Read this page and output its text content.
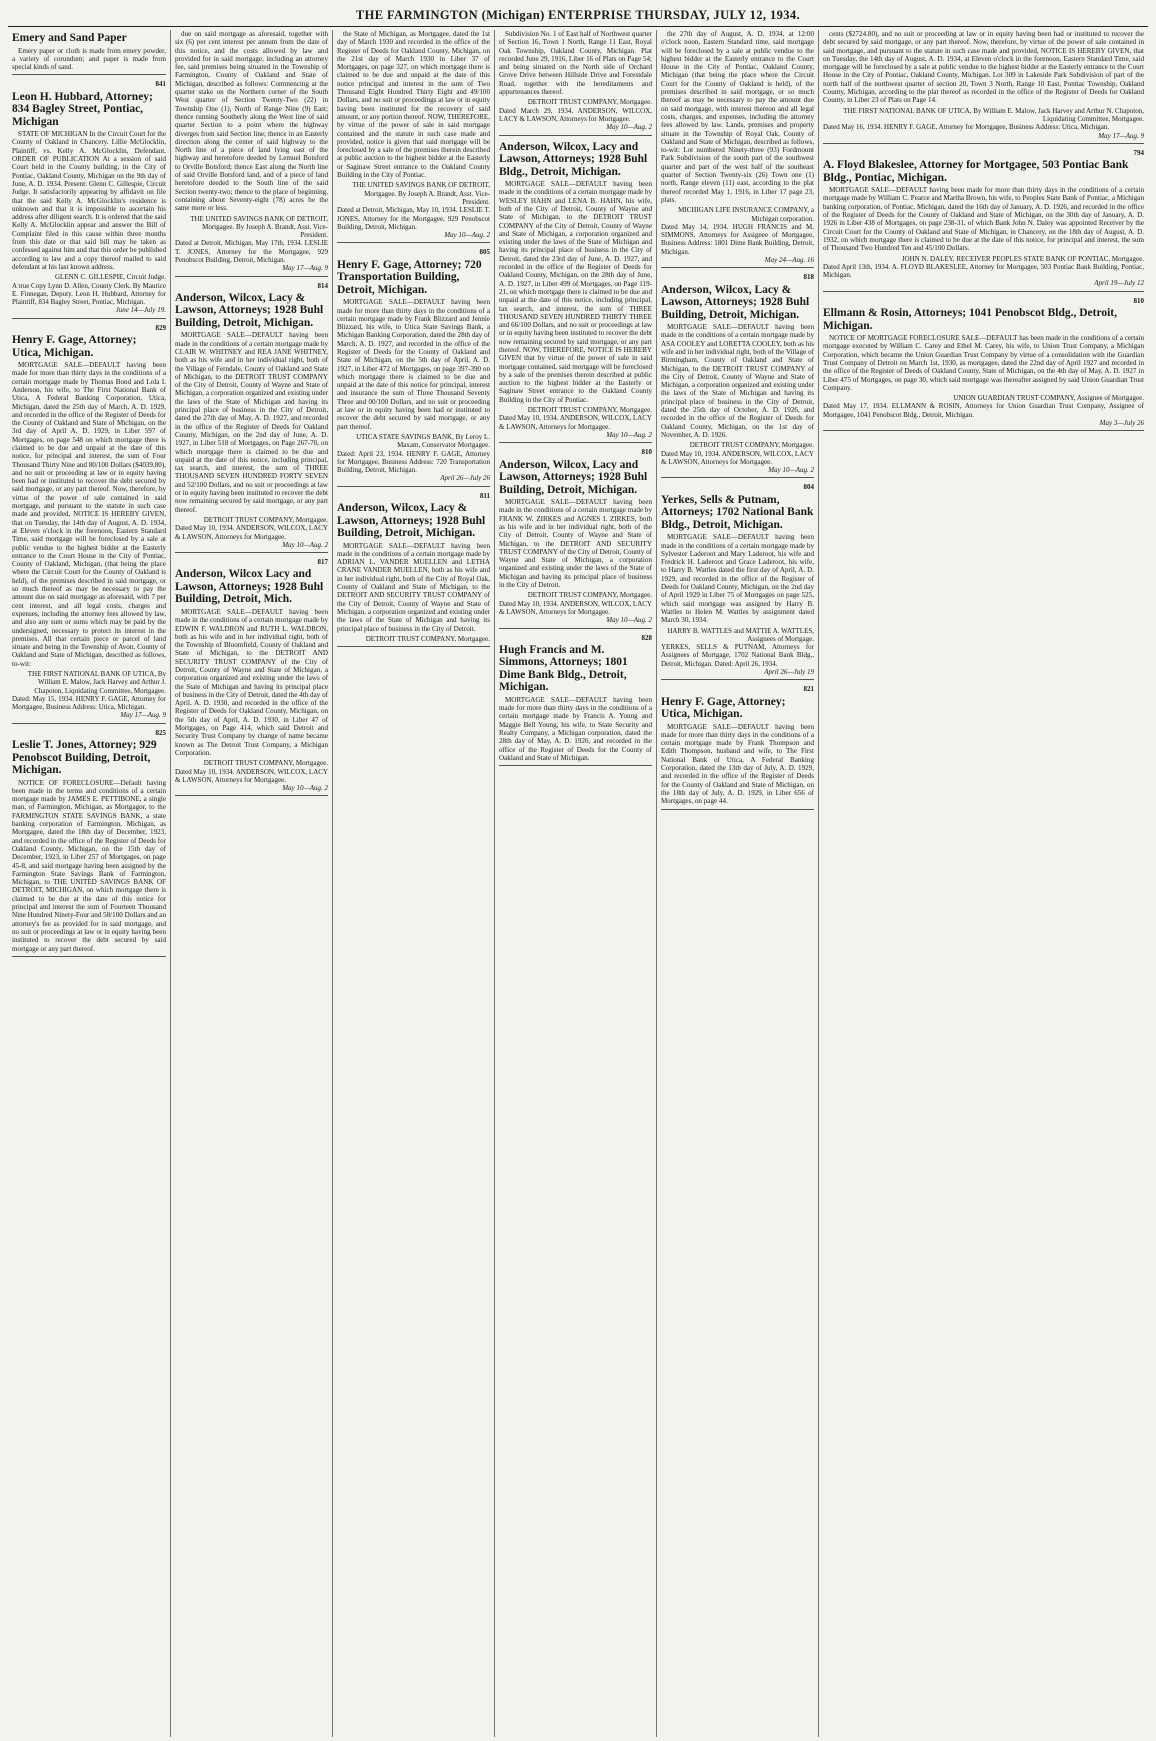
THE FARMINGTON (Michigan) ENTERPRISE THURSDAY, JULY 12, 1934.
Emery and Sand Paper
Emery paper or cloth is made from emery powder, a variety of corundum; and paper is made from special kinds of sand.
841
Leon H. Hubbard, Attorney; 834 Bagley Street, Pontiac, Michigan
STATE OF MICHIGAN In the Circuit Court for the County of Oakland in Chancery. Lillie McGlocklin, Plaintiff, vs. Kelly A. McGlocklin, Defendant. ORDER OF PUBLICATION At a session of said Court held in the County building, in the City of Pontiac, Oakland County, Michigan on the 9th day of June, A. D. 1934. Present: Glenn C. Gillespie, Circuit Judge. It satisfactorily appearing by affidavit on file that the said Kelly A. McGlocklin's residence is unknown and that it is impossible to ascertain his address after diligent search. It is ordered that the said Kelly A. McGlocklin appear and answer the Bill of Complaint filed in this cause within three months from this date or that said bill may be taken as confessed against him and that this order be published according to law and a copy thereof mailed to said defendant at his last known address.
GLENN C. GILLESPIE, Circuit Judge.
A true Copy Lynn D. Allen, County Clerk. By Maurice E. Finnegan, Deputy. Leon H. Hubbard, Attorney for Plaintiff, 834 Bagley Street, Pontiac, Michigan.
June 14—July 19.
829
Henry F. Gage, Attorney; Utica, Michigan.
MORTGAGE SALE—DEFAULT having been made for more than thirty days in the conditions of a certain mortgage made by Thomas Bond and Lola I. Anderson, his wife, to The First National Bank of Utica, A Federal Banking Corporation, Utica, Michigan, dated the 25th day of March, A. D. 1929, and recorded in the office of the Register of Deeds for the County of Oakland and State of Michigan, on the 3rd day of April A. D. 1929, in Liber 597 of Mortgages, on page 548 on which mortgage there is claimed to be due and unpaid at the date of this notice, for principal and interest, the sum of Four Thousand Thirty Nine and 80/100 Dollars ($4039.80), and no suit or proceeding at law or in equity having been had or instituted to recover the debt secured by said mortgage, or any part thereof. Now, therefore, by virtue of the power of sale contained in said mortgage, and pursuant to the statute in such case made and provided, NOTICE IS HEREBY GIVEN, that on Tuesday, the 14th day of August, A. D. 1934, at Eleven o'clock in the forenoon, Eastern Standard Time, said mortgage will be foreclosed by a sale at public vendue to the highest bidder at the Easterly entrance to the Court House in the City of Pontiac, County of Oakland, Michigan, (that being the place where the Circuit Court for the County of Oakland is held), of the premises described in said mortgage, or so much thereof as may be necessary to pay the amount due on said mortgage as aforesaid, with 7 per cent interest, and all legal costs, charges and expenses, including the attorney fees allowed by law, and also any sum or sums which may be paid by the undersigned, necessary to protect its interest in the premises. All that certain piece or parcel of land situate and being in the Township of Avon, County of Oakland and State of Michigan, described as follows, to-wit:
THE FIRST NATIONAL BANK OF UTICA, By William E. Malow, Jack Harvey and Arthur J. Chapoton, Liquidating Committee, Mortgagee.
Dated: May 15, 1934. HENRY F. GAGE, Attorney for Mortgagee, Business Address: Utica, Michigan.
May 17—Aug. 9
825
Leslie T. Jones, Attorney; 929 Penobscot Building, Detroit, Michigan.
NOTICE OF FORECLOSURE—Default having been made in the terms and conditions of a certain mortgage made by JAMES E. PETTIBONE, a single man, of Farmington, Michigan, as Mortgagor, to the FARMINGTON STATE SAVINGS BANK, a state banking corporation of Farmington, Michigan, as Mortgagee, dated the 18th day of December, 1923, and recorded in the office of the Register of Deeds for Oakland County, Michigan, on the 15th day of December, 1923, in Liber 257 of Mortgages, on page 45-8, and said mortgage having been assigned by the Farmington State Savings Bank of Farmington, Michigan, to THE UNITED SAVINGS BANK OF DETROIT, MICHIGAN, on which mortgage there is claimed to be due at the date of this notice for principal and interest the sum of Fourteen Thousand Nine Hundred Ninety-Four and 58/100 Dollars and an attorney's fee as provided for in said mortgage, and no suit or proceedings at law or in equity having been instituted to recover the debt secured by said mortgage or any part thereof.
due on said mortgage as aforesaid, together with six (6) per cent interest per annum from the date of this notice, and the costs allowed by law and provided for in said mortgage, including an attorney fee, said premises being situated in the Township of Farmington, County of Oakland and State of Michigan, described as follows: Commencing at the quarter stake on the Northern corner of the South West quarter of Section Twenty-Two (22) in Township One (1), North of Range Nine (9) East; thence running Southerly along the West line of said quarter Section to a point where the highway diverges from said Section line; thence in an Easterly direction along the center of said highway to the North line of a piece of land lying east of the highway and heretofore deeded by Lemuel Botsford to Orville Botsford; thence East along the North line of said Orville Botsford land, and of a piece of land heretofore deeded to the South line of the said Section twenty-two; thence to the place of beginning, containing about Seventy-eight (78) acres be the same more or less.
THE UNITED SAVINGS BANK OF DETROIT, Mortgagee. By Joseph A. Brandt, Asst. Vice-President.
Dated at Detroit, Michigan, May 17th, 1934. LESLIE T. JONES, Attorney for the Mortgagee, 929 Penobscot Building, Detroit, Michigan.
May 17—Aug. 9
814
Anderson, Wilcox, Lacy & Lawson, Attorneys; 1928 Buhl Building, Detroit, Michigan.
MORTGAGE SALE—DEFAULT having been made in the conditions of a certain mortgage made by CLAIR W. WHITNEY and REA JANE WHITNEY, both as his wife and in her individual right, both of the Village of Ferndale, County of Oakland and State of Michigan, to the DETROIT TRUST COMPANY of the City of Detroit, County of Wayne and State of Michigan, a corporation organized and existing under the laws of the State of Michigan and having its principal place of business in the City of Detroit, dated the 27th day of May, A. D. 1927, and recorded in the office of the Register of Deeds for Oakland County, Michigan, on the 2nd day of June, A. D. 1927, in Liber 518 of Mortgages, on Page 267-70, on which mortgage there is claimed to be due and unpaid at the date of this notice, including principal, tax search, and interest, the sum of THREE THOUSAND SEVEN HUNDRED FORTY SEVEN and 52/100 Dollars, and no suit or proceedings at law or in equity having been instituted to recover the debt now remaining secured by said mortgage, or any part thereof.
DETROIT TRUST COMPANY, Mortgagee.
Dated May 10, 1934. ANDERSON, WILCOX, LACY & LAWSON, Attorneys for Mortgagee.
May 10—Aug. 2
817
Anderson, Wilcox Lacy and Lawson, Attorneys; 1928 Buhl Building, Detroit, Mich.
MORTGAGE SALE—DEFAULT having been made in the conditions of a certain mortgage made by EDWIN F. WALDRON and RUTH L. WALDRON, both as his wife and in her individual right, both of the Township of Bloomfield, County of Oakland and State of Michigan, to the DETROIT AND SECURITY TRUST COMPANY of the City of Detroit, County of Wayne and State of Michigan, a corporation organized and existing under the laws of the State of Michigan and having its principal place of business in the City of Detroit, dated the 4th day of April, A. D. 1930, and recorded in the office of the Register of Deeds for Oakland County, Michigan, on the 5th day of April, A. D. 1930, in Liber 47 of Mortgages, on Page 414, which said Detroit and Security Trust Company by change of name became known as The Detroit Trust Company, a Michigan Corporation.
DETROIT TRUST COMPANY, Mortgagee.
Dated May 10, 1934. ANDERSON, WILCOX, LACY & LAWSON, Attorneys for Mortgagee.
May 10—Aug. 2
the State of Michigan, as Mortgagee, dated the 1st day of March 1930 and recorded in the office of the Register of Deeds for Oakland County, Michigan, on the 21st day of March 1930 in Liber 37 of Mortgages, on page 327, on which mortgage there is claimed to be due and unpaid at the date of this notice principal and interest in the sum of Two Thousand Eight Hundred Thirty Eight and 49/100 Dollars, and no suit or proceedings at law or in equity having been instituted for the recovery of said amount, or any portion thereof. NOW, THEREFORE, by virtue of the power of sale in said mortgage contained and the statute in such case made and provided, notice is given that said mortgage will be foreclosed by a sale of the premises therein described at public auction to the highest bidder at the Easterly or Saginaw Street entrance to the Oakland County Building in the City of Pontiac.
THE UNITED SAVINGS BANK OF DETROIT, Mortgagee. By Joseph A. Brandt, Asst. Vice-President.
Dated at Detroit, Michigan, May 10, 1934. LESLIE T. JONES, Attorney for the Mortgagee, 929 Penobscot Building, Detroit, Michigan.
May 10—Aug. 2
805
Henry F. Gage, Attorney; 720 Transportation Building, Detroit, Michigan.
MORTGAGE SALE—DEFAULT having been made for more than thirty days in the conditions of a certain mortgage made by Frank Blizzard and Jennie Blizzard, his wife, to Utica State Savings Bank, a Michigan Banking Corporation, dated the 28th day of March, A. D. 1927, and recorded in the office of the Register of Deeds for the County of Oakland and State of Michigan, on the 5th day of April, A. D. 1927, in Liber 472 of Mortgages, on page 397-390 on which mortgage there is claimed to be due and unpaid at the date of this notice for principal, interest and insurance the sum of Three Thousand Seventy Three and 00/100 Dollars, and no suit or proceeding at law or in equity having been had or instituted to recover the debt secured by said mortgage, or any part thereof.
UTICA STATE SAVINGS BANK, By Leroy L. Maxam, Conservator Mortgagee.
Dated: April 23, 1934. HENRY F. GAGE, Attorney for Mortgagee, Business Address: 720 Transportation Building, Detroit, Michigan.
April 26—July 26
811
Anderson, Wilcox, Lacy & Lawson, Attorneys; 1928 Buhl Building, Detroit, Michigan.
MORTGAGE SALE—DEFAULT having been made in the conditions of a certain mortgage made by ADRIAN L. VANDER MUELLEN and LETHA CRANE VANDER MUELLEN, both as his wife and in her individual right, both of the City of Royal Oak, County of Oakland and State of Michigan, to the DETROIT AND SECURITY TRUST COMPANY of the City of Detroit, County of Wayne and State of Michigan, a corporation organized and existing under the laws of the State of Michigan and having its principal place of business in the City of Detroit.
DETROIT TRUST COMPANY, Mortgagee.
Subdivision No. 1 of East half of Northwest quarter of Section 16, Town 1 North, Range 11 East, Royal Oak Township, Oakland County, Michigan. Plat recorded June 29, 1916, Liber 16 of Plats on Page 54; and being situated on the North side of Orchard Grove Drive between Hillside Drive and Forestdale Road, together with the hereditaments and appurtenances thereof.
DETROIT TRUST COMPANY, Mortgagee.
Dated March 29, 1934. ANDERSON, WILCOX, LACY & LAWSON, Attorneys for Mortgagee.
May 10—Aug. 2
Anderson, Wilcox, Lacy and Lawson, Attorneys; 1928 Buhl Bldg., Detroit, Michigan.
MORTGAGE SALE—DEFAULT having been made in the conditions of a certain mortgage made by WESLEY HAHN and LENA B. HAHN, his wife, both of the City of Detroit, County of Wayne and State of Michigan, to the DETROIT TRUST COMPANY of the City of Detroit, County of Wayne and State of Michigan, a corporation organized and existing under the laws of the State of Michigan and having its principal place of business in the City of Detroit, dated the 23rd day of June, A. D. 1927, and recorded in the office of the Register of Deeds for Oakland County, Michigan, on the 28th day of June, A. D. 1927, in Liber 499 of Mortgages, on Page 119-21, on which mortgage there is claimed to be due and unpaid at the date of this notice, including principal, tax search, and interest, the sum of THREE THOUSAND SEVEN HUNDRED THIRTY THREE and 66/100 Dollars, and no suit or proceedings at law or in equity having been instituted to recover the debt now remaining secured by said mortgage, or any part thereof. NOW, THEREFORE, NOTICE IS HEREBY GIVEN that by virtue of the power of sale in said mortgage contained, said mortgage will be foreclosed by a sale of the premises therein described at public auction to the highest bidder at the Easterly or Saginaw Street entrance to the Oakland County Building in the City of Pontiac.
DETROIT TRUST COMPANY, Mortgagee.
Dated May 10, 1934. ANDERSON, WILCOX, LACY & LAWSON, Attorneys for Mortgagee.
May 10—Aug. 2
810
Anderson, Wilcox, Lacy and Lawson, Attorneys; 1928 Buhl Building, Detroit, Michigan.
MORTGAGE SALE—DEFAULT having been made in the conditions of a certain mortgage made by FRANK W. ZIRKES and AGNES I. ZIRKES, both as his wife and in her individual right, both of the City of Detroit, County of Wayne and State of Michigan, to the DETROIT AND SECURITY TRUST COMPANY of the City of Detroit, County of Wayne and State of Michigan, a corporation organized and existing under the laws of the State of Michigan and having its principal place of business in the City of Detroit.
DETROIT TRUST COMPANY, Mortgagee.
Dated May 10, 1934. ANDERSON, WILCOX, LACY & LAWSON, Attorneys for Mortgagee.
May 10—Aug. 2
828
Hugh Francis and M. Simmons, Attorneys; 1801 Dime Bank Bldg., Detroit, Michigan.
MORTGAGE SALE—DEFAULT having been made for more than thirty days in the conditions of a certain mortgage made by Francis A. Young and Maggie Bell Young, his wife, to State Security and Realty Company, a Michigan corporation, dated the 28th day of May, A. D. 1926, and recorded in the office of the Register of Deeds for the County of Oakland and State of Michigan.
the 27th day of August, A. D. 1934, at 12:00 o'clock noon, Eastern Standard time, said mortgage will be foreclosed by a sale at public vendue to the highest bidder at the Easterly entrance to the Court House in the City of Pontiac, Oakland County, Michigan (that being the place where the Circuit Court for the County of Oakland is held), of the premises described in said mortgage, or so much thereof as may be necessary to pay the amount due on said mortgage, with interest thereon and all legal costs, charges, and expenses, including the attorney fees allowed by law. Lands, premises and property situate in the Township of Royal Oak, County of Oakland and State of Michigan, described as follows, to-wit: Lot numbered Ninety-three (93) Fordmount Park Subdivision of the south part of the southwest quarter and part of the west half of the southeast quarter of Section Twenty-six (26) Town one (1) north, Range eleven (11) east, according to the plat thereof recorded May 1, 1916, in Liber 17 page 23, plats.
MICHIGAN LIFE INSURANCE COMPANY, a Michigan corporation.
Dated May 14, 1934. HUGH FRANCIS and M. SIMMONS, Attorneys for Assignee of Mortgagee, Business Address: 1801 Dime Bank Building, Detroit, Michigan.
May 24—Aug. 16
818
Anderson, Wilcox, Lacy & Lawson, Attorneys; 1928 Buhl Building, Detroit, Michigan.
MORTGAGE SALE—DEFAULT having been made in the conditions of a certain mortgage made by ASA COOLEY and LORETTA COOLEY, both as his wife and in her individual right, both of the Village of Birmingham, County of Oakland and State of Michigan, to the DETROIT TRUST COMPANY of the City of Detroit, County of Wayne and State of Michigan, a corporation organized and existing under the laws of the State of Michigan and having its principal place of business in the City of Detroit, dated the 25th day of October, A. D. 1926, and recorded in the office of the Register of Deeds for Oakland County, Michigan, on the 1st day of November, A. D. 1926.
DETROIT TRUST COMPANY, Mortgagee.
Dated May 10, 1934. ANDERSON, WILCOX, LACY & LAWSON, Attorneys for Mortgagee.
May 10—Aug. 2
804
Yerkes, Sells & Putnam, Attorneys; 1702 National Bank Bldg., Detroit, Michigan.
MORTGAGE SALE—DEFAULT having been made in the conditions of a certain mortgage made by Sylvester Laderoot and Mary Laderoot, his wife and Fredrick H. Laderoot and Grace Laderoot, his wife, to Harry B. Wattles dated the first day of April, A. D. 1929, and recorded in the office of the Register of Deeds for Oakland County, Michigan, on the 2nd day of April 1929 in Liber 75 of Mortgages on page 525, which said mortgage was assigned by Harry B. Wattles to Helen M. Wattles by assignment dated March 30, 1934.
HARRY B. WATTLES and MATTIE A. WATTLES, Assignees of Mortgage.
YERKES, SELLS & PUTNAM, Attorneys for Assignees of Mortgage, 1702 National Bank Bldg., Detroit, Michigan. Dated: April 26, 1934.
April 26—July 19
821
Henry F. Gage, Attorney; Utica, Michigan.
MORTGAGE SALE—DEFAULT having been made for more than thirty days in the conditions of a certain mortgage made by Frank Thompson and Edith Thompson, husband and wife, to The First National Bank of Utica, A Federal Banking Corporation, dated the 13th day of July, A. D. 1929, and recorded in the office of the Register of Deeds for the County of Oakland and State of Michigan, on the 18th day of July, A. D. 1929, in Liber 656 of Mortgages, on page 44.
cents ($2724.80), and no suit or proceeding at law or in equity having been had or instituted to recover the debt secured by said mortgage, or any part thereof. Now, therefore, by virtue of the power of sale contained in said mortgage, and pursuant to the statute in such case made and provided, NOTICE IS HEREBY GIVEN, that on Tuesday, the 14th day of August, A. D. 1934, at Eleven o'clock in the forenoon, Eastern Standard Time, said mortgage will be foreclosed by a sale at public vendue to the highest bidder at the Easterly entrance to the Court House in the City of Pontiac, Oakland County, Michigan. Lot 309 in Lakeside Park Subdivision of part of the north half of the northwest quarter of section 20, Town 3 North, Range 10 East, Pontiac Township, Oakland County, Michigan, according to the plat thereof as recorded in the office of the Register of Deeds for Oakland County, in Liber 23 of Plats on Page 14.
THE FIRST NATIONAL BANK OF UTICA, By William E. Malow, Jack Harvey and Arthur N. Chapoton, Liquidating Committee, Mortgagee.
Dated May 16, 1934. HENRY F. GAGE, Attorney for Mortgagee, Business Address: Utica, Michigan.
May 17—Aug. 9
794
A. Floyd Blakeslee, Attorney for Mortgagee, 503 Pontiac Bank Bldg., Pontiac, Michigan.
MORTGAGE SALE—DEFAULT having been made for more than thirty days in the conditions of a certain mortgage made by William C. Pearce and Martha Brown, his wife, to Peoples State Bank of Pontiac, a Michigan banking corporation, of Pontiac, Michigan, dated the 16th day of January, A. D. 1926, and recorded in the office of the Register of Deeds for the County of Oakland and State of Michigan, on the 30th day of January, A. D. 1926 in Liber 438 of Mortgages, on page 238-31, of which Bank John N. Daley was appointed Receiver by the Circuit Court for the County of Oakland and State of Michigan, in Chancery, on the 18th day of August, A. D. 1932, on which mortgage there is claimed to be due at the date of this notice, for principal and interest, the sum of Thousand Two Hundred Ten and 45/100 Dollars.
JOHN N. DALEY, RECEIVER PEOPLES STATE BANK OF PONTIAC, Mortgagee.
Dated April 13th, 1934. A. FLOYD BLAKESLEE, Attorney for Mortgagee, 503 Pontiac Bank Building, Pontiac, Michigan.
April 19—July 12
810
Ellmann & Rosin, Attorneys; 1041 Penobscot Bldg., Detroit, Michigan.
NOTICE OF MORTGAGE FORECLOSURE SALE—DEFAULT has been made in the conditions of a certain mortgage executed by William C. Carey and Ethel M. Carey, his wife, to Union Trust Company, a Michigan Corporation, which became the Union Guardian Trust Company by virtue of a consolidation with the Guardian Trust Company of Detroit on March 1st, 1930, as mortgagee, dated the 22nd day of April 1927 and recorded in the office of the Register of Deeds of Oakland County, State of Michigan, on the 4th day of May, A. D. 1927 in Liber 475 of Mortgages, on page 30, which said mortgage was thereafter assigned by said Union Guardian Trust Company.
UNION GUARDIAN TRUST COMPANY, Assignee of Mortgagee.
Dated May 17, 1934. ELLMANN & ROSIN, Attorneys for Union Guardian Trust Company, Assignee of Mortgagee, 1041 Penobscot Bldg., Detroit, Michigan.
May 3—July 26
